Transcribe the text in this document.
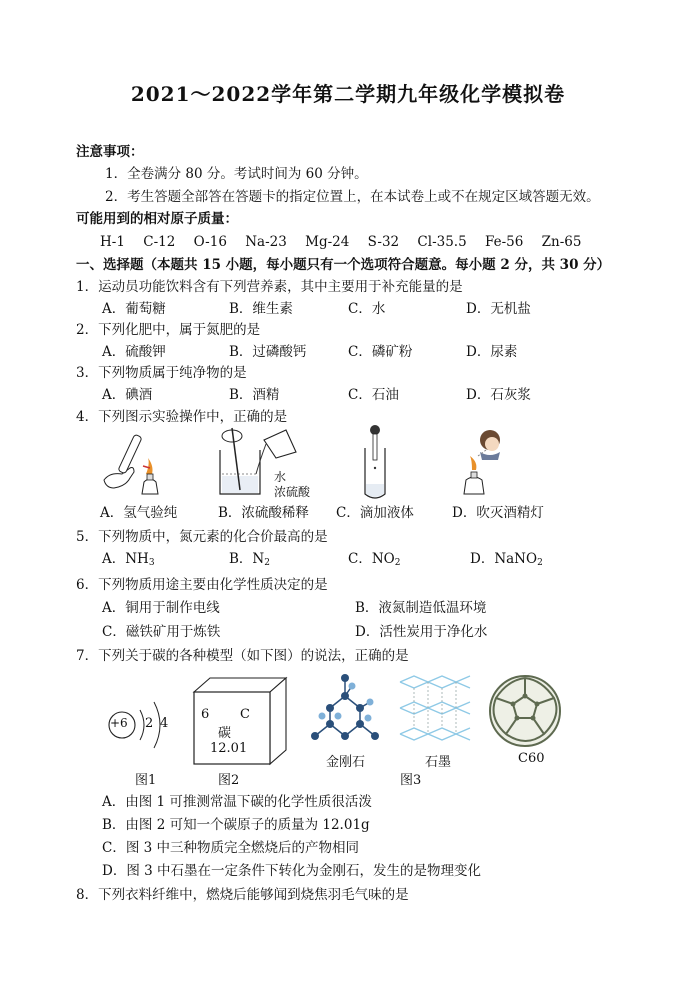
2021～2022学年第二学期九年级化学模拟卷
注意事项：
1．全卷满分 80 分。考试时间为 60 分钟。
2．考生答题全部答在答题卡的指定位置上，在本试卷上或不在规定区域答题无效。
可能用到的相对原子质量：
H-1 C-12 O-16 Na-23 Mg-24 S-32 Cl-35.5 Fe-56 Zn-65
一、选择题（本题共 15 小题，每小题只有一个选项符合题意。每小题 2 分，共 30 分）
1．运动员功能饮料含有下列营养素，其中主要用于补充能量的是
A．葡萄糖	B．维生素	C．水	D．无机盐
2．下列化肥中，属于氮肥的是
A．硫酸钾	B．过磷酸钙	C．磷矿粉	D．尿素
3．下列物质属于纯净物的是
A．碘酒	B．酒精	C．石油	D．石灰浆
4．下列图示实验操作中，正确的是
水
浓硫酸
A．氢气验纯	B．浓硫酸稀释 C．滴加液体	D．吹灭酒精灯
5．下列物质中，氮元素的化合价最高的是
A．$NH_3$	B．$N_2$	C．$NO_2$	D．NaNO$_2$
6．下列物质用途主要由化学性质决定的是
A．铜用于制作电线	B．液氮制造低温环境
C．磁铁矿用于炼铁	D．活性炭用于净化水
7．下列关于碳的各种模型（如下图）的说法，正确的是
+6 2 4
6 C
碳
12.01
图1	图2
金刚石	石墨	C60
图3
A．由图 1 可推测常温下碳的化学性质很活泼
B．由图 2 可知一个碳原子的质量为 12.01g
C．图 3 中三种物质完全燃烧后的产物相同
D．图 3 中石墨在一定条件下转化为金刚石，发生的是物理变化
8．下列衣料纤维中，燃烧后能够闻到烧焦羽毛气味的是
